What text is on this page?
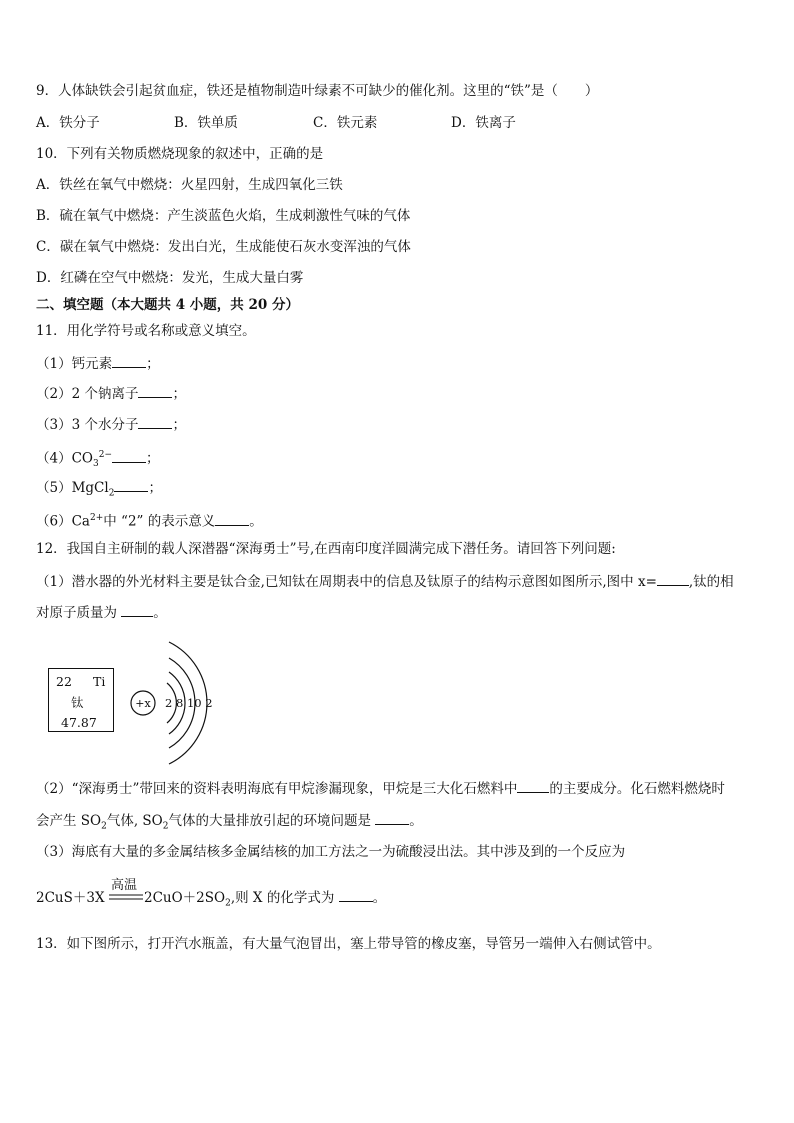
9．人体缺铁会引起贫血症，铁还是植物制造叶绿素不可缺少的催化剂。这里的“铁”是（　　）
A．铁分子	B．铁单质	C．铁元素	D．铁离子
10．下列有关物质燃烧现象的叙述中，正确的是
A．铁丝在氧气中燃烧：火星四射，生成四氧化三铁
B．硫在氧气中燃烧：产生淡蓝色火焰，生成刺激性气味的气体
C．碳在氧气中燃烧：发出白光，生成能使石灰水变浑浊的气体
D．红磷在空气中燃烧：发光，生成大量白雾
二、填空题（本大题共 4 小题，共 20 分）
11．用化学符号或名称或意义填空。
（1）钙元素	；
（2）2 个钠离子	；
（3）3 个水分子	；
$(4)CO_3^{2-}$	；
（5）MgCl$_2$	；
$(6)Ca^{2+}$中 “2” 的表示意义	。
12．我国自主研制的载人深潜器“深海勇士”号,在西南印度洋圆满完成下潜任务。请回答下列问题:
（1）潜水器的外光材料主要是钛合金,已知钛在周期表中的信息及钛原子的结构示意图如图所示,图中 x= ,钛的相
对原子质量为 。
22 Ti
钛
47.87
+x 2 8 10 2
（2）“深海勇士”带回来的资料表明海底有甲烷渗漏现象，甲烷是三大化石燃料中 的主要成分。化石燃料燃烧时
会产生 $SO_2$气体, $SO_2$气体的大量排放引起的环境问题是	。
（3）海底有大量的多金属结核多金属结核的加工方法之一为硫酸浸出法。其中涉及到的一个反应为
2CuS＋3X
高温
$2CuO+2SO_2$,则 X 的化学式为	。
13．如下图所示，打开汽水瓶盖，有大量气泡冒出，塞上带导管的橡皮塞，导管另一端伸入右侧试管中。
